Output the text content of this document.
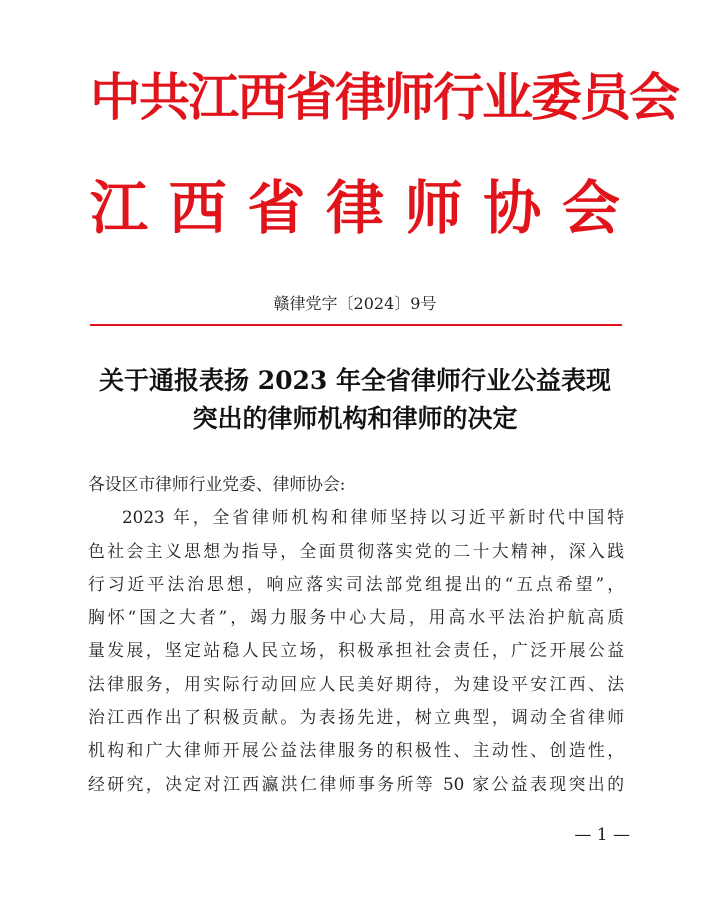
中共江西省律师行业委员会
江 西 省 律 师 协 会
赣律党字〔2024〕9号
关于通报表扬 2023 年全省律师行业公益表现
突出的律师机构和律师的决定
各设区市律师行业党委、律师协会:

2023 年，全省律师机构和律师坚持以习近平新时代中国特
色社会主义思想为指导，全面贯彻落实党的二十大精神，深入践
行习近平法治思想，响应落实司法部党组提出的“五点希望”，
胸怀“国之大者”，竭力服务中心大局，用高水平法治护航高质
量发展，坚定站稳人民立场，积极承担社会责任，广泛开展公益
法律服务，用实际行动回应人民美好期待，为建设平安江西、法
治江西作出了积极贡献。为表扬先进，树立典型，调动全省律师
机构和广大律师开展公益法律服务的积极性、主动性、创造性，
经研究，决定对江西瀛洪仁律师事务所等 50 家公益表现突出的

— 1 —
